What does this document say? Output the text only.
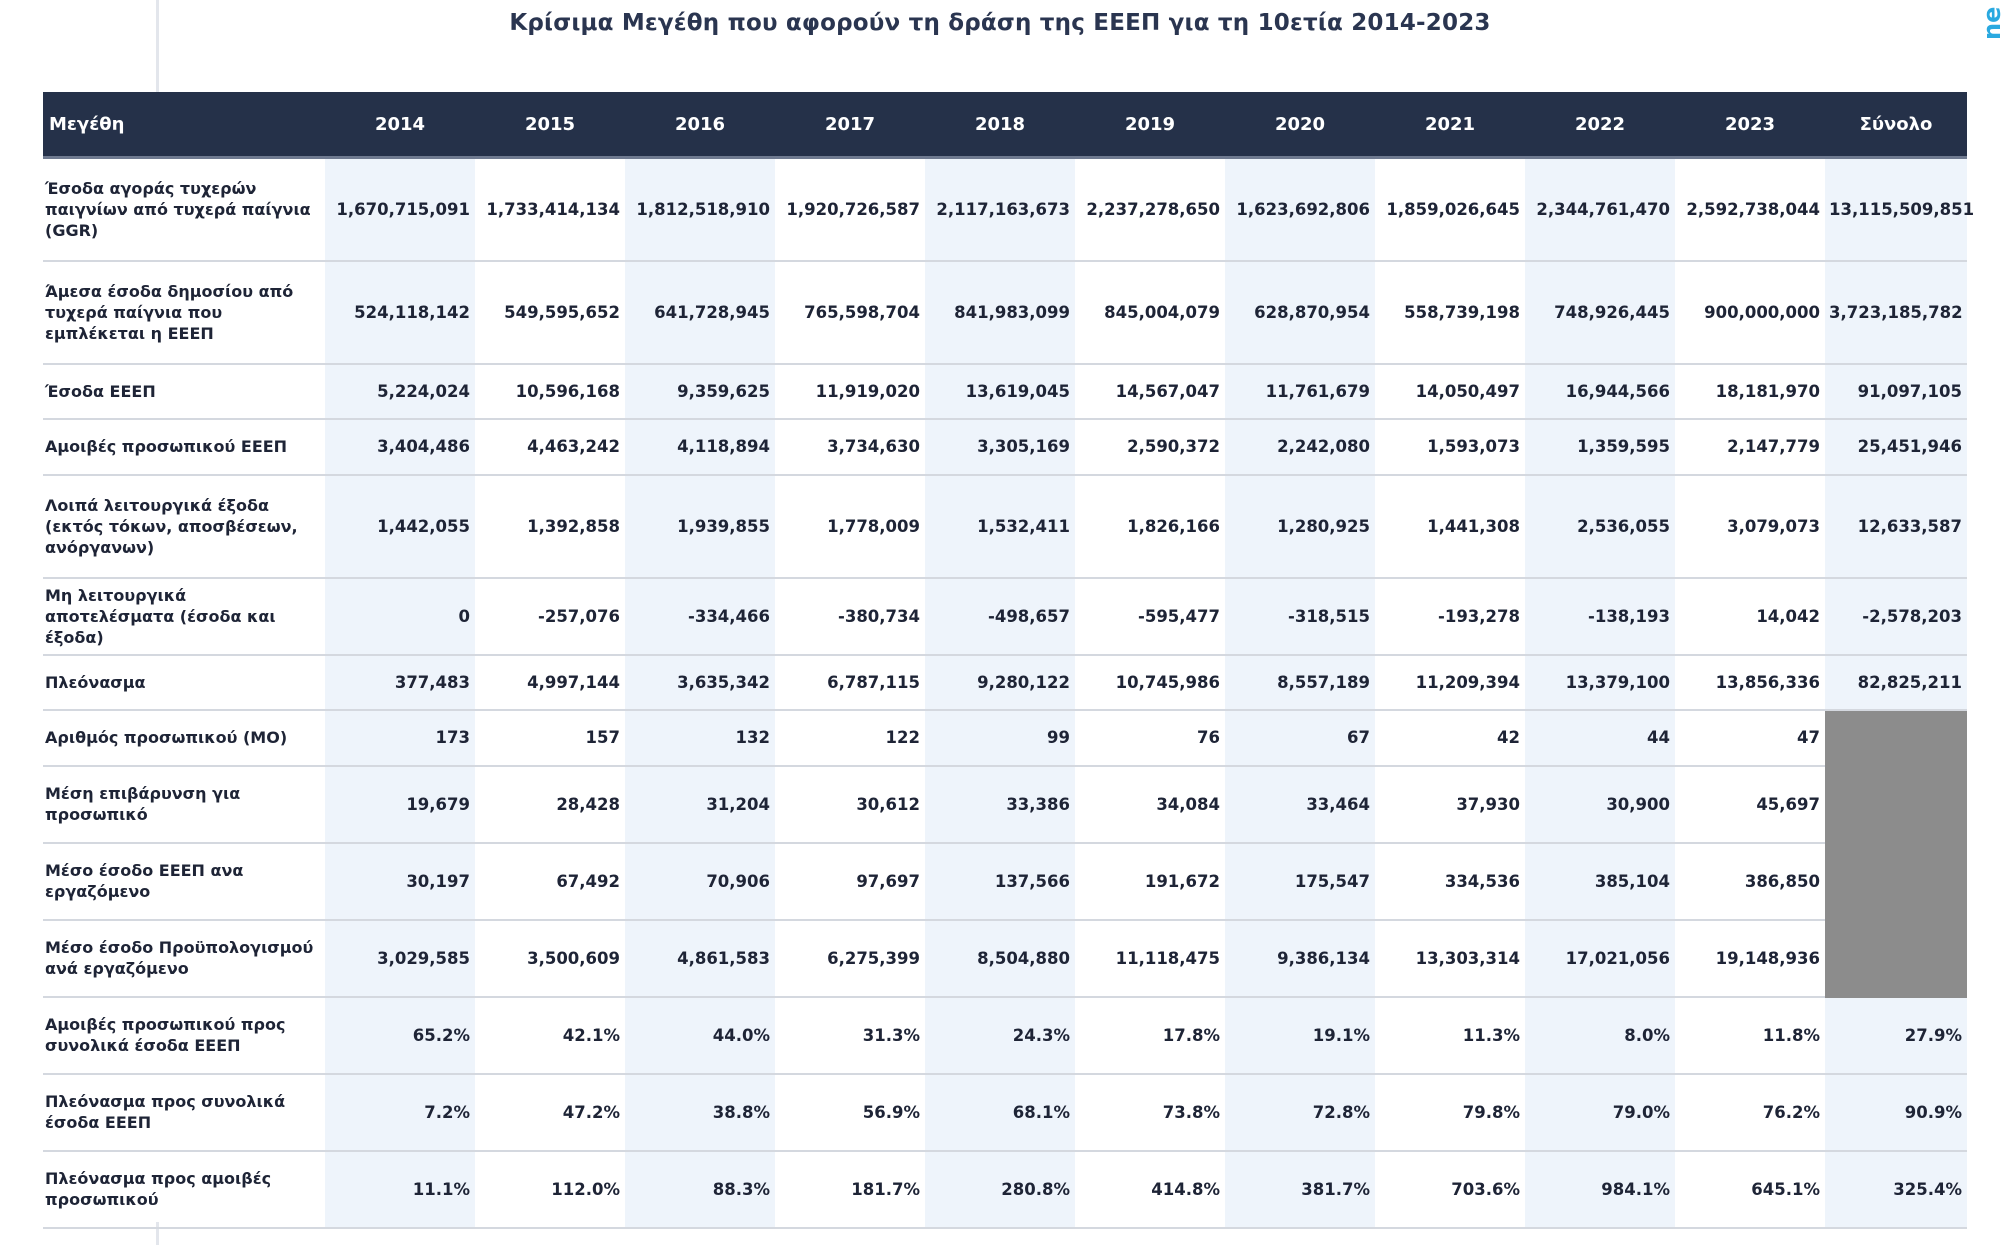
Κρίσιμα Μεγέθη που αφορούν τη δράση της ΕΕΕΠ για τη 10ετία 2014-2023	ne
Μεγέθη	2014	2015	2016	2017	2018	2019	2020	2021	2022	2023	Σύνολο
Έσοδα αγοράς τυχερών παιγνίων από τυχερά παίγνια (GGR)	1,670,715,091	1,733,414,134	1,812,518,910	1,920,726,587	2,117,163,673	2,237,278,650	1,623,692,806	1,859,026,645	2,344,761,470	2,592,738,044	13,115,509,851
Άμεσα έσοδα δημοσίου από τυχερά παίγνια που εμπλέκεται η ΕΕΕΠ	524,118,142	549,595,652	641,728,945	765,598,704	841,983,099	845,004,079	628,870,954	558,739,198	748,926,445	900,000,000	3,723,185,782
Έσοδα ΕΕΕΠ	5,224,024	10,596,168	9,359,625	11,919,020	13,619,045	14,567,047	11,761,679	14,050,497	16,944,566	18,181,970	91,097,105
Αμοιβές προσωπικού ΕΕΕΠ	3,404,486	4,463,242	4,118,894	3,734,630	3,305,169	2,590,372	2,242,080	1,593,073	1,359,595	2,147,779	25,451,946
Λοιπά λειτουργικά έξοδα (εκτός τόκων, αποσβέσεων, ανόργανων)	1,442,055	1,392,858	1,939,855	1,778,009	1,532,411	1,826,166	1,280,925	1,441,308	2,536,055	3,079,073	12,633,587
Μη λειτουργικά αποτελέσματα (έσοδα και έξοδα)	0	-257,076	-334,466	-380,734	-498,657	-595,477	-318,515	-193,278	-138,193	14,042	-2,578,203
Πλεόνασμα	377,483	4,997,144	3,635,342	6,787,115	9,280,122	10,745,986	8,557,189	11,209,394	13,379,100	13,856,336	82,825,211
Αριθμός προσωπικού (ΜΟ)	173	157	132	122	99	76	67	42	44	47	
Μέση επιβάρυνση για προσωπικό	19,679	28,428	31,204	30,612	33,386	34,084	33,464	37,930	30,900	45,697	
Μέσο έσοδο ΕΕΕΠ ανα εργαζόμενο	30,197	67,492	70,906	97,697	137,566	191,672	175,547	334,536	385,104	386,850	
Μέσο έσοδο Προϋπολογισμού ανά εργαζόμενο	3,029,585	3,500,609	4,861,583	6,275,399	8,504,880	11,118,475	9,386,134	13,303,314	17,021,056	19,148,936	
Αμοιβές προσωπικού προς συνολικά έσοδα ΕΕΕΠ	65.2%	42.1%	44.0%	31.3%	24.3%	17.8%	19.1%	11.3%	8.0%	11.8%	27.9%
Πλεόνασμα προς συνολικά έσοδα ΕΕΕΠ	7.2%	47.2%	38.8%	56.9%	68.1%	73.8%	72.8%	79.8%	79.0%	76.2%	90.9%
Πλεόνασμα προς αμοιβές προσωπικού	11.1%	112.0%	88.3%	181.7%	280.8%	414.8%	381.7%	703.6%	984.1%	645.1%	325.4%
